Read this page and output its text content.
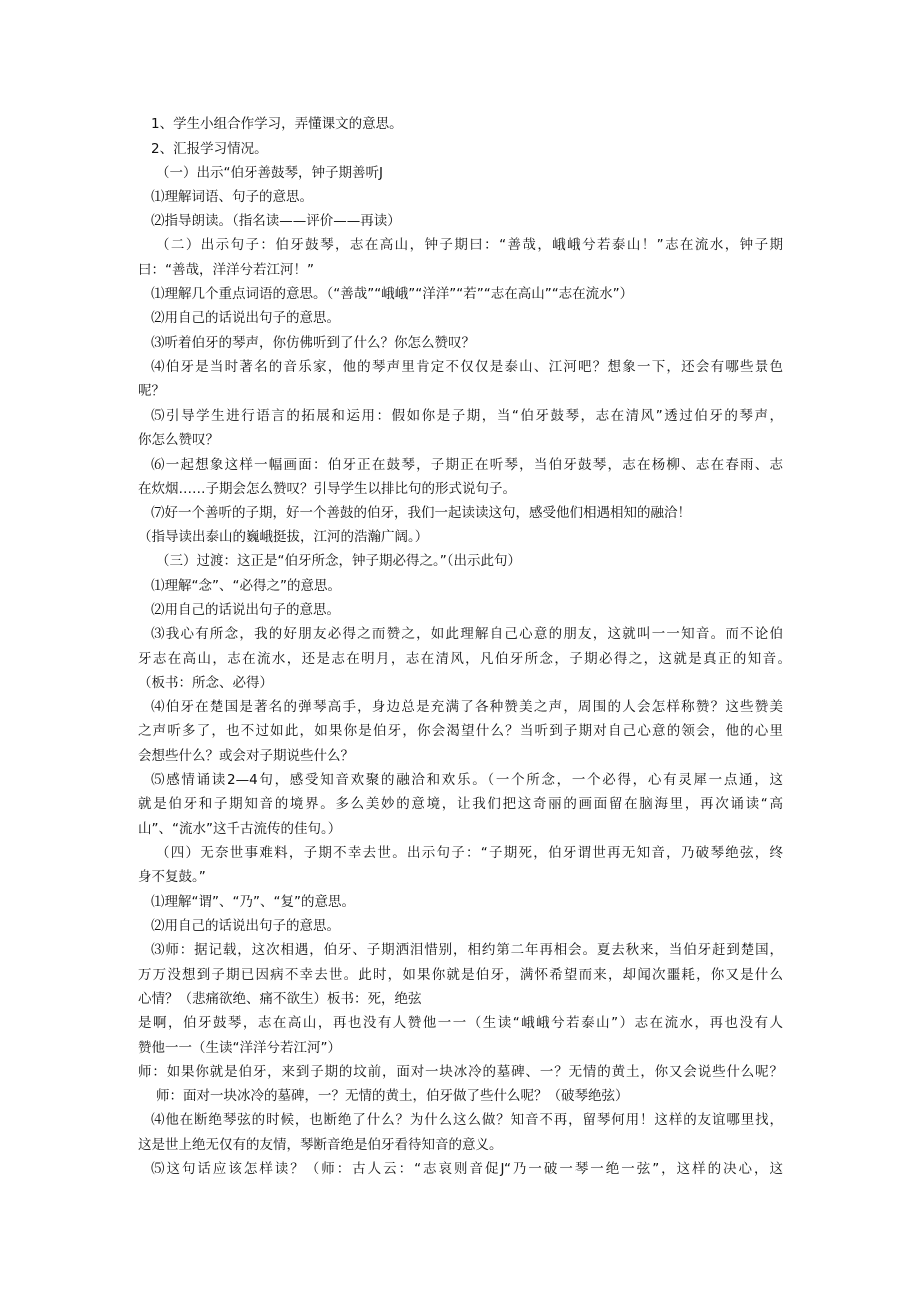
1、学生小组合作学习，弄懂课文的意思。
2、汇报学习情况。
（一）出示“伯牙善鼓琴，钟子期善听J
⑴理解词语、句子的意思。
⑵指导朗读。（指名读——评价——再读）
（二）出示句子：伯牙鼓琴，志在高山，钟子期曰：“善哉，峨峨兮若泰山！”志在流水，钟子期
曰：“善哉，洋洋兮若江河！”
⑴理解几个重点词语的意思。（“善哉”“峨峨”“洋洋”“若”“志在高山”“志在流水”）
⑵用自己的话说出句子的意思。
⑶听着伯牙的琴声，你仿佛听到了什么？你怎么赞叹？
⑷伯牙是当时著名的音乐家，他的琴声里肯定不仅仅是泰山、江河吧？想象一下，还会有哪些景色
呢？
⑸引导学生进行语言的拓展和运用：假如你是子期，当“伯牙鼓琴，志在清风”透过伯牙的琴声，
你怎么赞叹？
⑹一起想象这样一幅画面：伯牙正在鼓琴，子期正在听琴，当伯牙鼓琴，志在杨柳、志在春雨、志
在炊烟……子期会怎么赞叹？引导学生以排比句的形式说句子。
⑺好一个善听的子期，好一个善鼓的伯牙，我们一起读读这句，感受他们相遇相知的融洽！
（指导读出泰山的巍峨挺拔，江河的浩瀚广阔。）
（三）过渡：这正是“伯牙所念，钟子期必得之。”（出示此句）
⑴理解“念”、“必得之”的意思。
⑵用自己的话说出句子的意思。
⑶我心有所念，我的好朋友必得之而赞之，如此理解自己心意的朋友，这就叫一一知音。而不论伯
牙志在高山，志在流水，还是志在明月，志在清风，凡伯牙所念，子期必得之，这就是真正的知音。
（板书：所念、必得）
⑷伯牙在楚国是著名的弹琴高手，身边总是充满了各种赞美之声，周围的人会怎样称赞？这些赞美
之声听多了，也不过如此，如果你是伯牙，你会渴望什么？当听到子期对自己心意的领会，他的心里
会想些什么？或会对子期说些什么？
⑸感情诵读2—4句，感受知音欢聚的融洽和欢乐。（一个所念，一个必得，心有灵犀一点通，这
就是伯牙和子期知音的境界。多么美妙的意境，让我们把这奇丽的画面留在脑海里，再次诵读“高
山”、“流水”这千古流传的佳句。）
（四）无奈世事难料，子期不幸去世。出示句子：“子期死，伯牙谓世再无知音，乃破琴绝弦，终
身不复鼓。”
⑴理解“谓”、“乃”、“复”的意思。
⑵用自己的话说出句子的意思。
⑶师：据记载，这次相遇，伯牙、子期洒泪惜别，相约第二年再相会。夏去秋来，当伯牙赶到楚国，
万万没想到子期已因病不幸去世。此时，如果你就是伯牙，满怀希望而来，却闻次噩耗，你又是什么
心情？（悲痛欲绝、痛不欲生）板书：死，绝弦
是啊，伯牙鼓琴，志在高山，再也没有人赞他一一（生读“峨峨兮若泰山”）志在流水，再也没有人
赞他一一（生读“洋洋兮若江河”）
师：如果你就是伯牙，来到子期的坟前，面对一块冰冷的墓碑、一？无情的黄土，你又会说些什么呢？
师：面对一块冰冷的墓碑，一？无情的黄土，伯牙做了些什么呢？（破琴绝弦）
⑷他在断绝琴弦的时候，也断绝了什么？为什么这么做？知音不再，留琴何用！这样的友谊哪里找，
这是世上绝无仅有的友情，琴断音绝是伯牙看待知音的意义。
⑸这句话应该怎样读？（师：古人云：“志哀则音促J“乃一破一琴一绝一弦”，这样的决心，这
